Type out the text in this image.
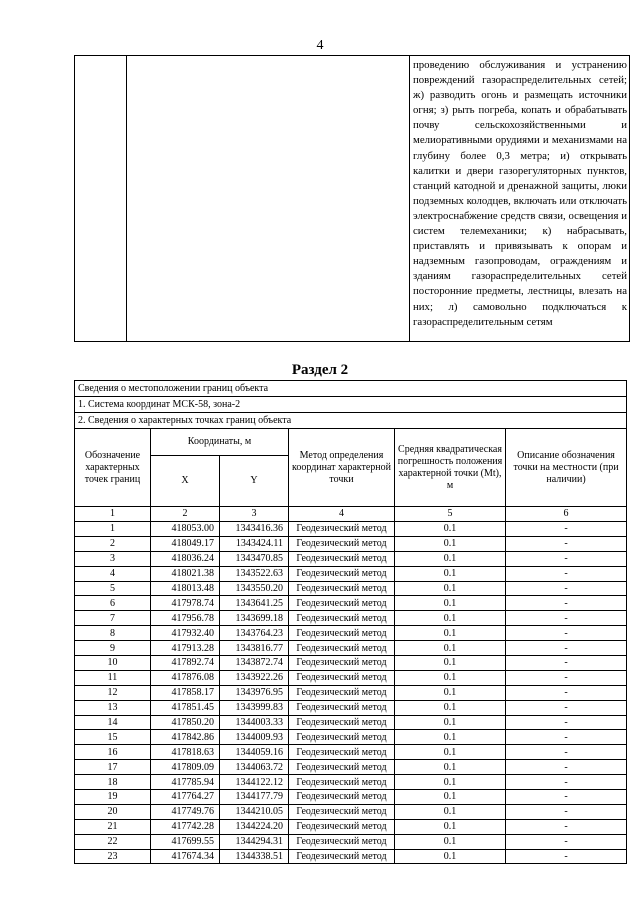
4

проведению обслуживания и устранению повреждений газораспределительных сетей; ж) разводить огонь и размещать источники огня; з) рыть погреба, копать и обрабатывать почву сельскохозяйственными и мелиоративными орудиями и механизмами на глубину более 0,3 метра; и) открывать калитки и двери газорегуляторных пунктов, станций катодной и дренажной защиты, люки подземных колодцев, включать или отключать электроснабжение средств связи, освещения и систем телемеханики; к) набрасывать, приставлять и привязывать к опорам и надземным газопроводам, ограждениям и зданиям газораспределительных сетей посторонние предметы, лестницы, влезать на них; л) самовольно подключаться к газораспределительным сетям
Раздел 2
Сведения о местоположении границ объекта					
1. Система координат МСК-58, зона-2					
2. Сведения о характерных точках границ объекта					
Обозначение характерных точек границ	Координаты, м		Метод определения координат характерной точки	Средняя квадратическая погрешность положения характерной точки (Мt), м	Описание обозначения точки на местности (при наличии)
	X	Y			
1	2	3	4	5	6
1	418053.00	1343416.36	Геодезический метод	0.1	-
2	418049.17	1343424.11	Геодезический метод	0.1	-
3	418036.24	1343470.85	Геодезический метод	0.1	-
4	418021.38	1343522.63	Геодезический метод	0.1	-
5	418013.48	1343550.20	Геодезический метод	0.1	-
6	417978.74	1343641.25	Геодезический метод	0.1	-
7	417956.78	1343699.18	Геодезический метод	0.1	-
8	417932.40	1343764.23	Геодезический метод	0.1	-
9	417913.28	1343816.77	Геодезический метод	0.1	-
10	417892.74	1343872.74	Геодезический метод	0.1	-
11	417876.08	1343922.26	Геодезический метод	0.1	-
12	417858.17	1343976.95	Геодезический метод	0.1	-
13	417851.45	1343999.83	Геодезический метод	0.1	-
14	417850.20	1344003.33	Геодезический метод	0.1	-
15	417842.86	1344009.93	Геодезический метод	0.1	-
16	417818.63	1344059.16	Геодезический метод	0.1	-
17	417809.09	1344063.72	Геодезический метод	0.1	-
18	417785.94	1344122.12	Геодезический метод	0.1	-
19	417764.27	1344177.79	Геодезический метод	0.1	-
20	417749.76	1344210.05	Геодезический метод	0.1	-
21	417742.28	1344224.20	Геодезический метод	0.1	-
22	417699.55	1344294.31	Геодезический метод	0.1	-
23	417674.34	1344338.51	Геодезический метод	0.1	-
